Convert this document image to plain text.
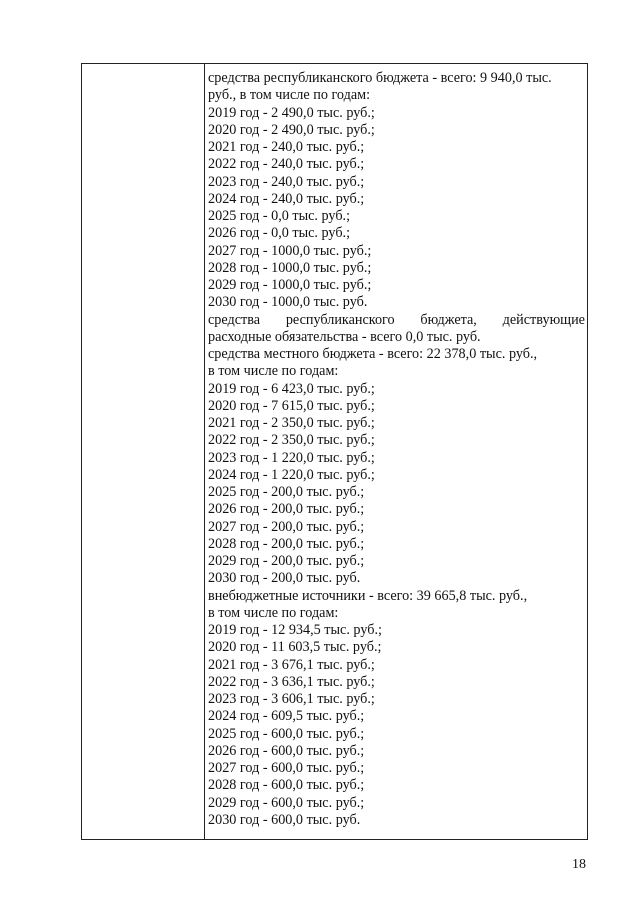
средства республиканского бюджета - всего: 9 940,0 тыс.
руб., в том числе по годам:
2019 год - 2 490,0 тыс. руб.;
2020 год - 2 490,0 тыс. руб.;
2021 год - 240,0 тыс. руб.;
2022 год - 240,0 тыс. руб.;
2023 год - 240,0 тыс. руб.;
2024 год - 240,0 тыс. руб.;
2025 год - 0,0 тыс. руб.;
2026 год - 0,0 тыс. руб.;
2027 год - 1000,0 тыс. руб.;
2028 год - 1000,0 тыс. руб.;
2029 год - 1000,0 тыс. руб.;
2030 год - 1000,0 тыс. руб.
средства республиканского бюджета, действующие
расходные обязательства - всего 0,0 тыс. руб.
средства местного бюджета - всего: 22 378,0 тыс. руб.,
в том числе по годам:
2019 год - 6 423,0 тыс. руб.;
2020 год - 7 615,0 тыс. руб.;
2021 год - 2 350,0 тыс. руб.;
2022 год - 2 350,0 тыс. руб.;
2023 год - 1 220,0 тыс. руб.;
2024 год - 1 220,0 тыс. руб.;
2025 год - 200,0 тыс. руб.;
2026 год - 200,0 тыс. руб.;
2027 год - 200,0 тыс. руб.;
2028 год - 200,0 тыс. руб.;
2029 год - 200,0 тыс. руб.;
2030 год - 200,0 тыс. руб.
внебюджетные источники - всего: 39 665,8 тыс. руб.,
в том числе по годам:
2019 год - 12 934,5 тыс. руб.;
2020 год - 11 603,5 тыс. руб.;
2021 год - 3 676,1 тыс. руб.;
2022 год - 3 636,1 тыс. руб.;
2023 год - 3 606,1 тыс. руб.;
2024 год - 609,5 тыс. руб.;
2025 год - 600,0 тыс. руб.;
2026 год - 600,0 тыс. руб.;
2027 год - 600,0 тыс. руб.;
2028 год - 600,0 тыс. руб.;
2029 год - 600,0 тыс. руб.;
2030 год - 600,0 тыс. руб.
18
